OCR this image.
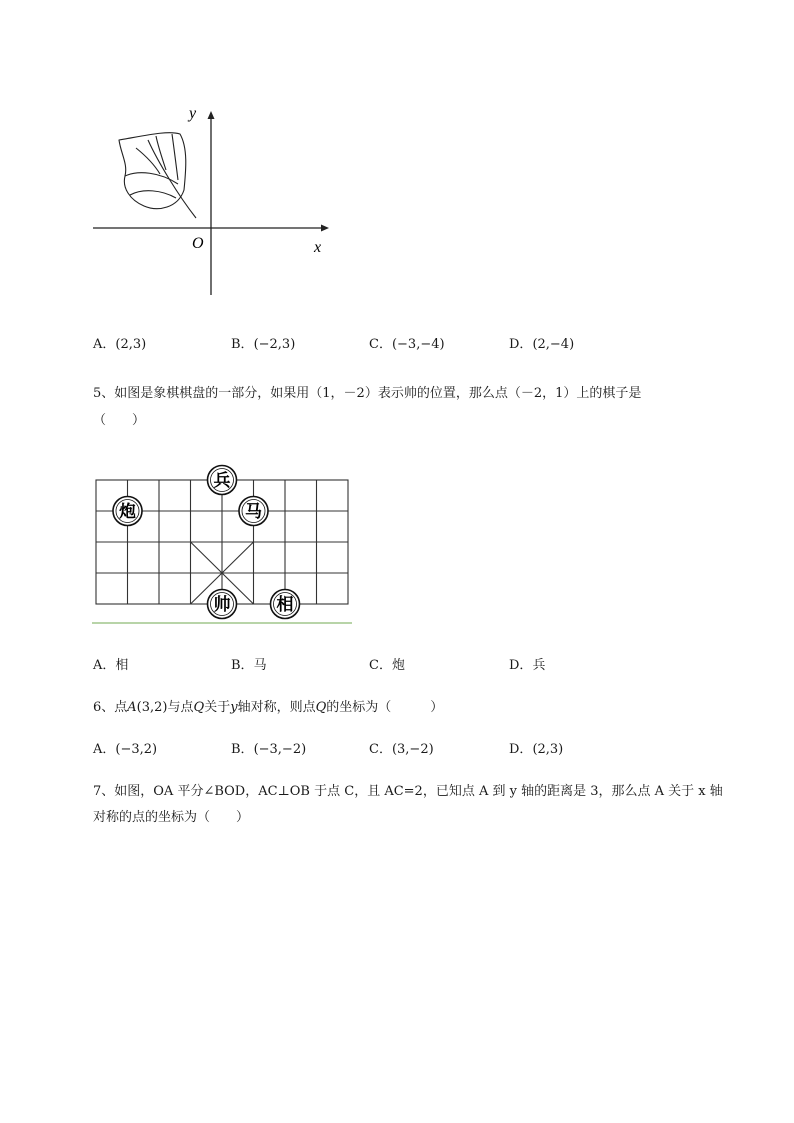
y
x
O
A．(2,3)	B．(−2,3)	C．(−3,−4)	D．(2,−4)
5、如图是象棋棋盘的一部分，如果用（1，－2）表示帅的位置，那么点（－2，1）上的棋子是
（　　）
兵
炮	马
帅	相
A．相	B．马	C．炮	D．兵
6、点A(3,2)与点Q关于y轴对称，则点Q的坐标为（　　　）
A．(−3,2)	B．(−3,−2)	C．(3,−2)	D．(2,3)
7、如图，OA 平分∠BOD，AC⊥OB 于点 C，且 AC=2，已知点 A 到 y 轴的距离是 3，那么点 A 关于 x 轴
对称的点的坐标为（　　）
